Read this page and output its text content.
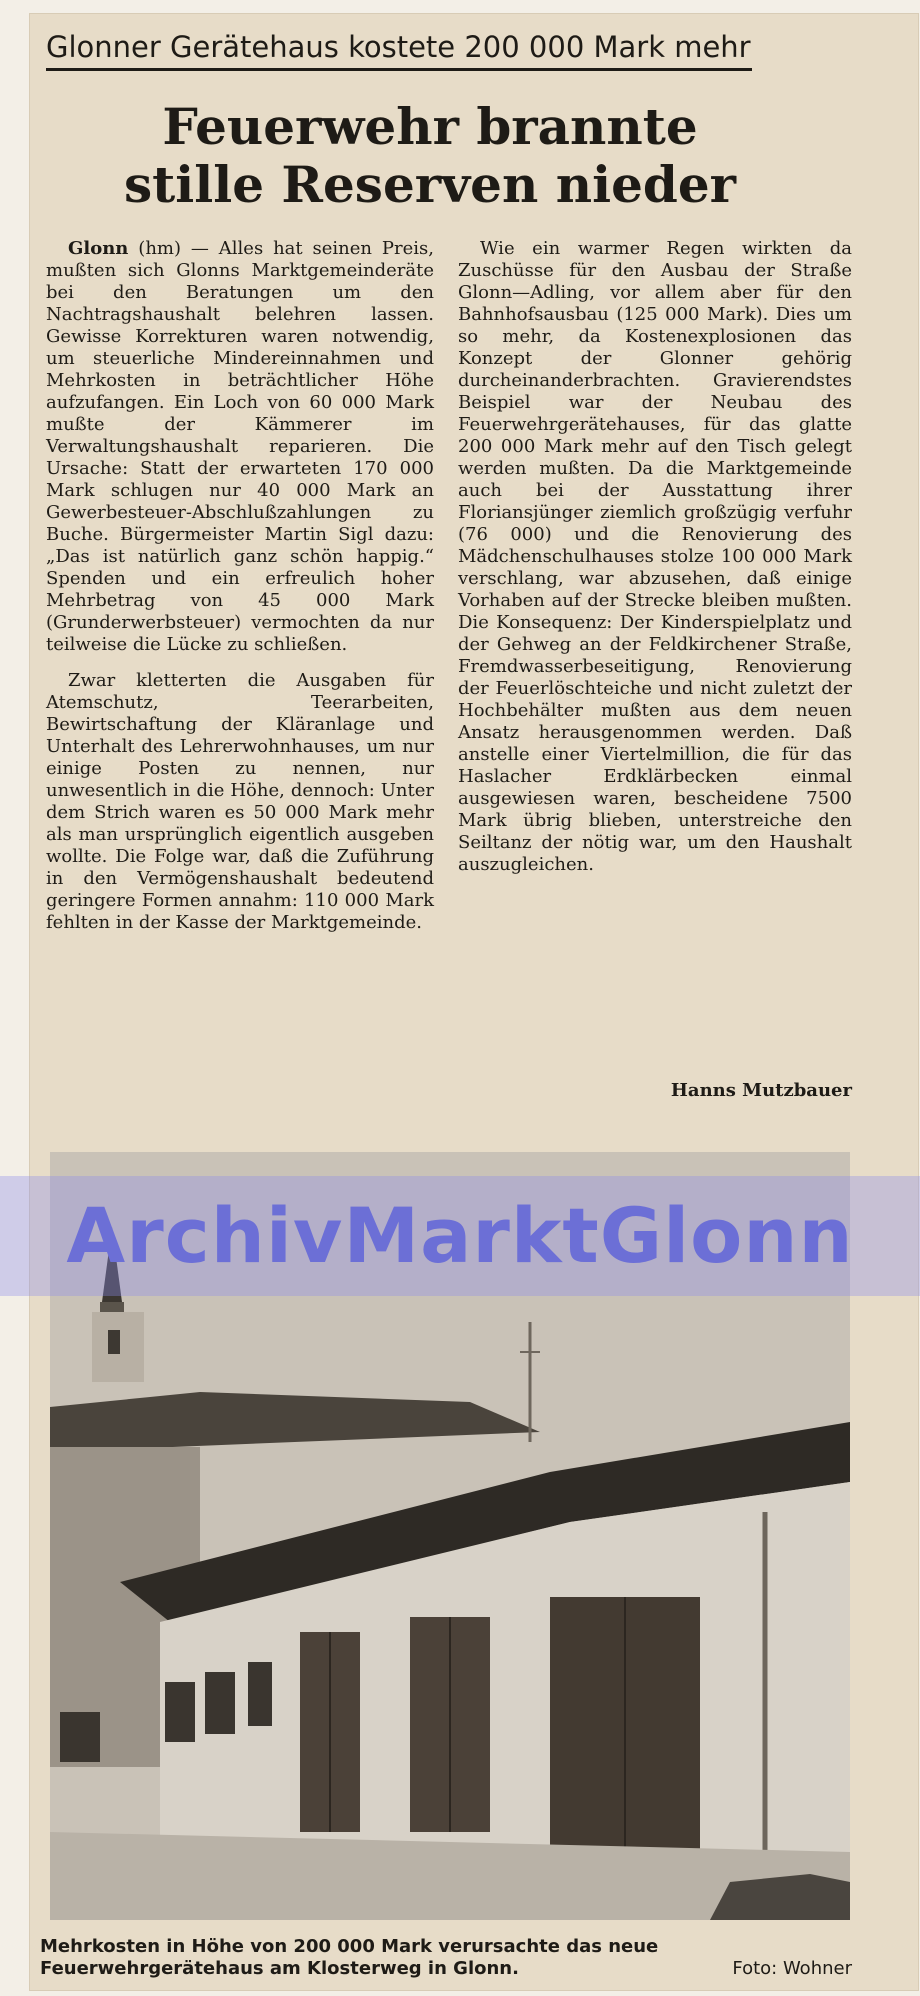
Glonner Gerätehaus kostete 200 000 Mark mehr
Feuerwehr brannte
stille Reserven nieder

Glonn (hm) — Alles hat seinen Preis, mußten sich Glonns Marktgemeinderäte bei den Beratungen um den Nachtragshaushalt belehren lassen. Gewisse Korrekturen waren notwendig, um steuerliche Mindereinnahmen und Mehrkosten in beträchtlicher Höhe aufzufangen. Ein Loch von 60 000 Mark mußte der Kämmerer im Verwaltungshaushalt reparieren. Die Ursache: Statt der erwarteten 170 000 Mark schlugen nur 40 000 Mark an Gewerbesteuer-Abschlußzahlungen zu Buche. Bürgermeister Martin Sigl dazu: „Das ist natürlich ganz schön happig.“ Spenden und ein erfreulich hoher Mehrbetrag von 45 000 Mark (Grunderwerbsteuer) vermochten da nur teilweise die Lücke zu schließen.

Zwar kletterten die Ausgaben für Atemschutz, Teerarbeiten, Bewirtschaftung der Kläranlage und Unterhalt des Lehrerwohnhauses, um nur einige Posten zu nennen, nur unwesentlich in die Höhe, dennoch: Unter dem Strich waren es 50 000 Mark mehr als man ursprünglich eigentlich ausgeben wollte. Die Folge war, daß die Zuführung in den Vermögenshaushalt bedeutend geringere Formen annahm: 110 000 Mark fehlten in der Kasse der Marktgemeinde.

Wie ein warmer Regen wirkten da Zuschüsse für den Ausbau der Straße Glonn—Adling, vor allem aber für den Bahnhofsausbau (125 000 Mark). Dies um so mehr, da Kostenexplosionen das Konzept der Glonner gehörig durcheinanderbrachten. Gravierendstes Beispiel war der Neubau des Feuerwehrgerätehauses, für das glatte 200 000 Mark mehr auf den Tisch gelegt werden mußten. Da die Marktgemeinde auch bei der Ausstattung ihrer Floriansjünger ziemlich großzügig verfuhr (76 000) und die Renovierung des Mädchenschulhauses stolze 100 000 Mark verschlang, war abzusehen, daß einige Vorhaben auf der Strecke bleiben mußten. Die Konsequenz: Der Kinderspielplatz und der Gehweg an der Feldkirchener Straße, Fremdwasserbeseitigung, Renovierung der Feuerlöschteiche und nicht zuletzt der Hochbehälter mußten aus dem neuen Ansatz herausgenommen werden. Daß anstelle einer Viertelmillion, die für das Haslacher Erdklärbecken einmal ausgewiesen waren, bescheidene 7500 Mark übrig blieben, unterstreiche den Seiltanz der nötig war, um den Haushalt auszugleichen.

Hanns Mutzbauer
ArchivMarktGlonn
Mehrkosten in Höhe von 200 000 Mark verursachte das neue Feuerwehrgerätehaus am Klosterweg in Glonn.	Foto: Wohner
